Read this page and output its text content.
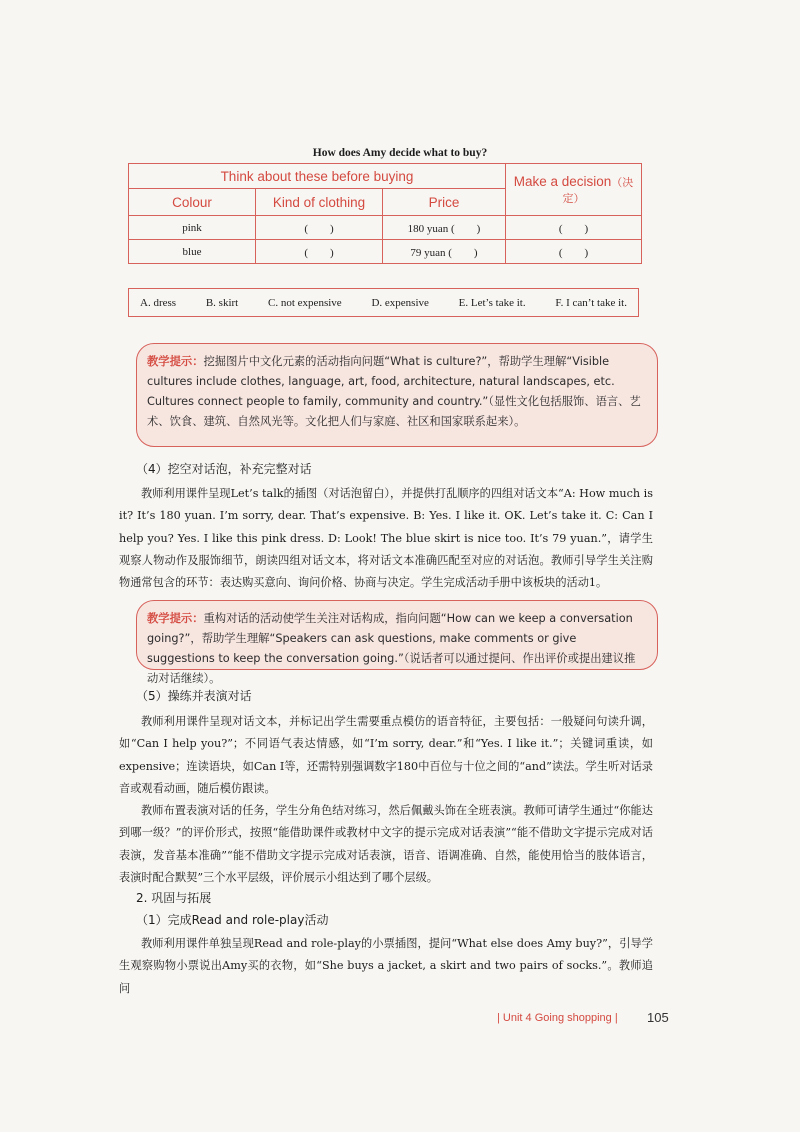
How does Amy decide what to buy?
Think about these before buying			Make a decision（决定）
Colour	Kind of clothing	Price	
pink	(　　)	180 yuan (　　)	(　　)
blue	(　　)	79 yuan (　　)	(　　)
A. dress	B. skirt	C. not expensive	D. expensive	E. Let’s take it.	F. I can’t take it.
教学提示：挖掘图片中文化元素的活动指向问题“What is culture?”，帮助学生理解“Visible cultures include clothes, language, art, food, architecture, natural landscapes, etc. Cultures connect people to family, community and country.”（显性文化包括服饰、语言、艺术、饮食、建筑、自然风光等。文化把人们与家庭、社区和国家联系起来）。
（4）挖空对话泡，补充完整对话
教师利用课件呈现Let’s talk的插图（对话泡留白），并提供打乱顺序的四组对话文本“A: How much is it? It’s 180 yuan. I’m sorry, dear. That’s expensive. B: Yes. I like it. OK. Let’s take it. C: Can I help you? Yes. I like this pink dress. D: Look! The blue skirt is nice too. It’s 79 yuan.”，请学生观察人物动作及服饰细节，朗读四组对话文本，将对话文本准确匹配至对应的对话泡。教师引导学生关注购物通常包含的环节：表达购买意向、询问价格、协商与决定。学生完成活动手册中该板块的活动1。
教学提示：重构对话的活动使学生关注对话构成，指向问题“How can we keep a conversation going?”，帮助学生理解“Speakers can ask questions, make comments or give suggestions to keep the conversation going.”（说话者可以通过提问、作出评价或提出建议推动对话继续）。
（5）操练并表演对话
教师利用课件呈现对话文本，并标记出学生需要重点模仿的语音特征，主要包括：一般疑问句读升调，如“Can I help you?”；不同语气表达情感，如“I’m sorry, dear.”和“Yes. I like it.”；关键词重读，如expensive；连读语块，如Can I等，还需特别强调数字180中百位与十位之间的“and”读法。学生听对话录音或观看动画，随后模仿跟读。
教师布置表演对话的任务，学生分角色结对练习，然后佩戴头饰在全班表演。教师可请学生通过“你能达到哪一级？”的评价形式，按照“能借助课件或教材中文字的提示完成对话表演”“能不借助文字提示完成对话表演，发音基本准确”“能不借助文字提示完成对话表演，语音、语调准确、自然，能使用恰当的肢体语言，表演时配合默契”三个水平层级，评价展示小组达到了哪个层级。
2. 巩固与拓展
（1）完成Read and role-play活动
教师利用课件单独呈现Read and role-play的小票插图，提问“What else does Amy buy?”，引导学生观察购物小票说出Amy买的衣物，如“She buys a jacket, a skirt and two pairs of socks.”。教师追问
| Unit 4 Going shopping | 105
